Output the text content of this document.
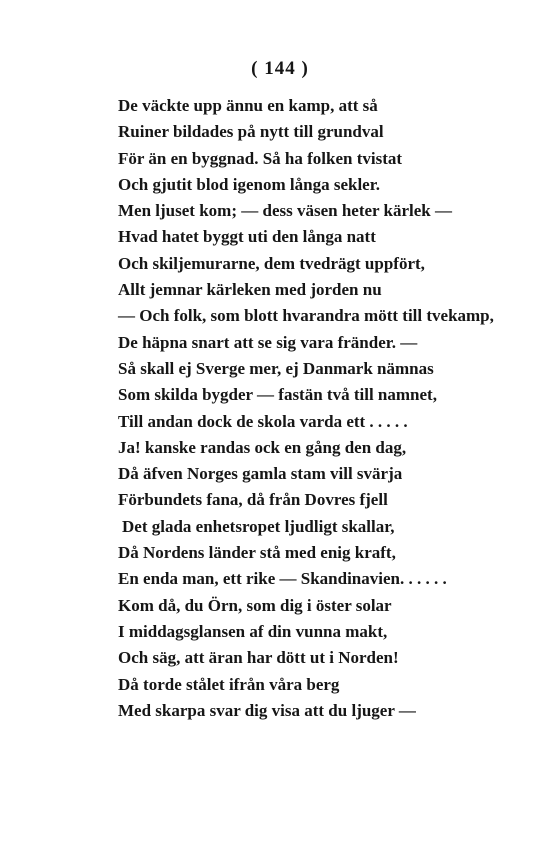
( 144 )
De väckte upp ännu en kamp, att så
Ruiner bildades på nytt till grundval
För än en byggnad. Så ha folken tvistat
Och gjutit blod igenom långa sekler.
Men ljuset kom; — dess väsen heter kärlek —
Hvad hatet byggt uti den långa natt
Och skiljemurarne, dem tvedrägt uppfört,
Allt jemnar kärleken med jorden nu
— Och folk, som blott hvarandra mött till tvekamp,
De häpna snart att se sig vara fränder. —
Så skall ej Sverge mer, ej Danmark nämnas
Som skilda bygder — fastän två till namnet,
Till andan dock de skola varda ett . . . . .
Ja! kanske randas ock en gång den dag,
Då äfven Norges gamla stam vill svärja
Förbundets fana, då från Dovres fjell
Det glada enhetsropet ljudligt skallar,
Då Nordens länder stå med enig kraft,
En enda man, ett rike — Skandinavien. . . . . .
Kom då, du Örn, som dig i öster solar
I middagsglansen af din vunna makt,
Och säg, att äran har dött ut i Norden!
Då torde stålet ifrån våra berg
Med skarpa svar dig visa att du ljuger —
